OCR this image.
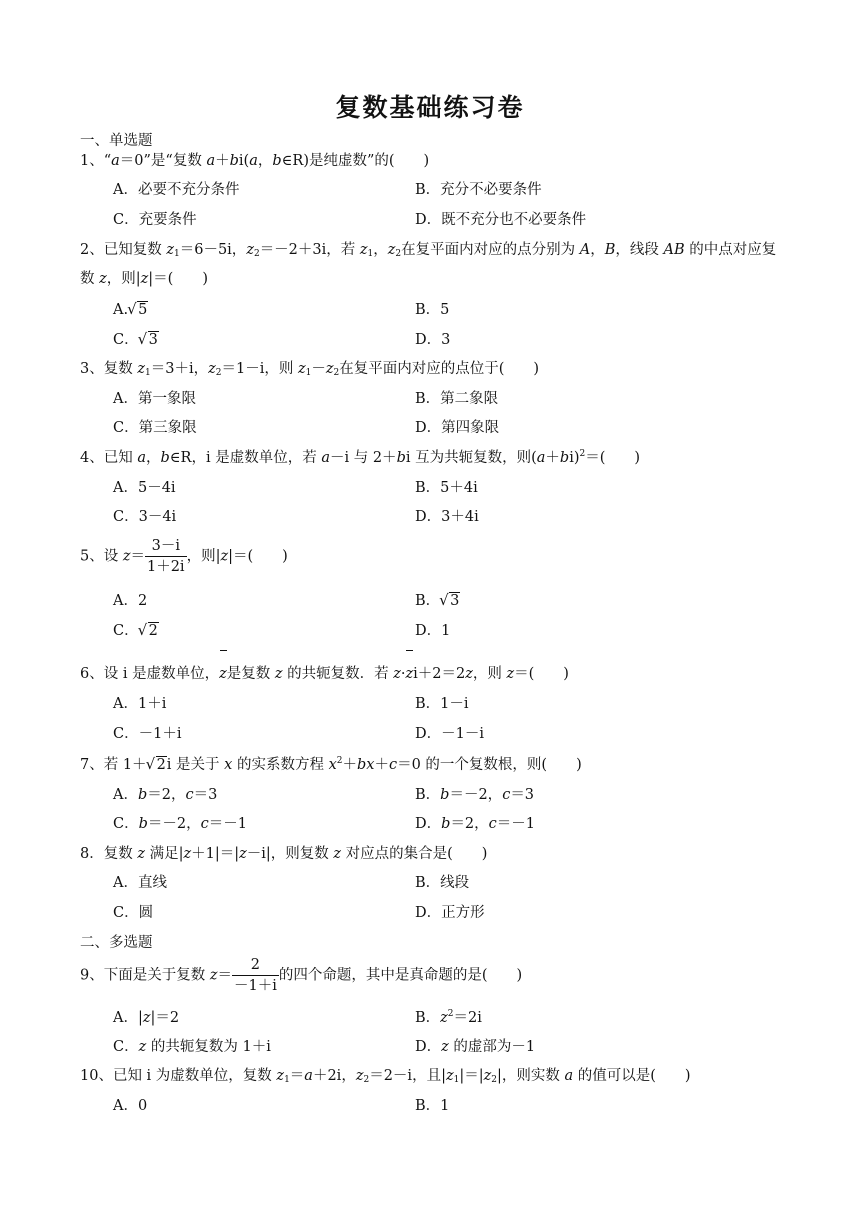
复数基础练习卷
一、单选题
1、“a＝0”是“复数 a＋bi(a，b∈R)是纯虚数”的(　　)
A．必要不充分条件	B．充分不必要条件
C．充要条件	D．既不充分也不必要条件
2、已知复数 $z_1=6-5i$，$z_2=-2+3i$，若 $z_1$，$z_2$在复平面内对应的点分别为 A，B，线段 AB 的中点对应复
数 z，则|z|＝(　　)
A. √ 5	B．5
C． √ 3	D．3
3、复数 $z_1=3+i$，$z_2=1-i$，则 $z_1-z_2$在复平面内对应的点位于(　　)
A．第一象限	B．第二象限
C．第三象限	D．第四象限
4、已知 a，b∈R，i 是虚数单位，若 a－i 与 2＋bi 互为共轭复数，则$(a+bi)^2=$(　　)
A．5－4i	B．5＋4i
C．3－4i	D．3＋4i
5、设 $z= \frac{3-i}{1+2i}$ ，则|z|＝(　　)
A．2	B． √ 3
C． √ 2	D．1
6、设 i 是虚数单位，z是复数 z 的共轭复数．若 z·zi＋2＝2z，则 z＝(　　)
A．1＋i	B．1－i
C．－1＋i	D．－1－i
7、若 1＋ √ 2i 是关于 x 的实系数方程 $x^2+bx+c=0$ 的一个复数根，则(　　)
A．b＝2，c＝3	B．b＝－2，c＝3
C．b＝－2，c＝－1	D．b＝2，c＝－1
8．复数 z 满足|z＋1|＝|z－i|，则复数 z 对应点的集合是(　　)
A．直线	B．线段
C．圆	D．正方形
二、多选题
9、下面是关于复数 $z= \frac{2}{-1+i}$ 的四个命题，其中是真命题的是(　　)
A．|z|＝2	B．$z^2=2i$
C．z 的共轭复数为 1＋i	D．z 的虚部为－1
10、已知 i 为虚数单位，复数 $z_1=a+2i$，$z_2=2-i$，且$|z_1|=|z_2|$，则实数 a 的值可以是(　　)
A．0	B．1
